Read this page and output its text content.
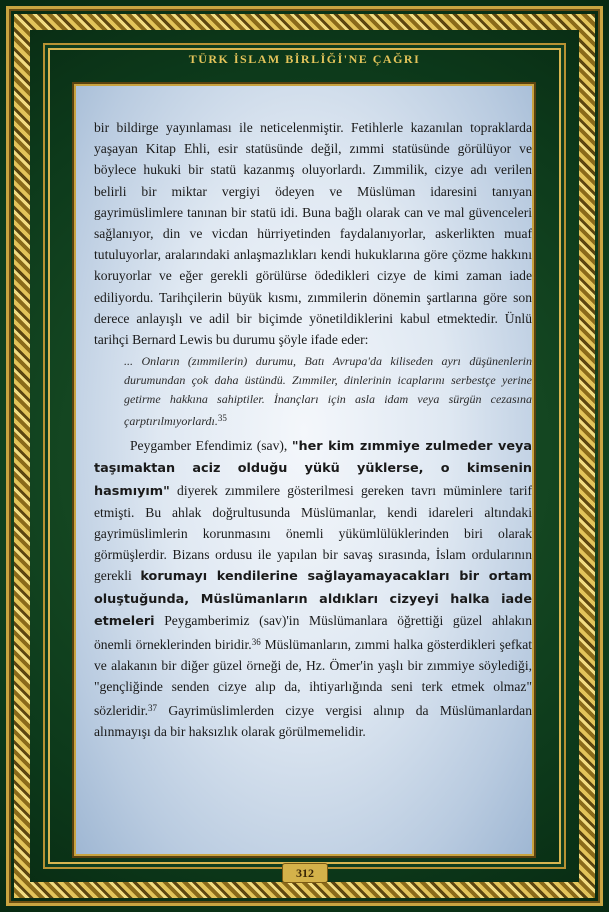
TÜRK İSLAM BİRLİĞİ'NE ÇAĞRI

bir bildirge yayınlaması ile neticelenmiştir. Fetihlerle kazanılan topraklarda yaşayan Kitap Ehli, esir statüsünde değil, zımmi statüsünde görülüyor ve böylece hukuki bir statü kazanmış oluyorlardı. Zımmilik, cizye adı verilen belirli bir miktar vergiyi ödeyen ve Müslüman idaresini tanıyan gayrimüslimlere tanınan bir statü idi. Buna bağlı olarak can ve mal güvenceleri sağlanıyor, din ve vicdan hürriyetinden faydalanıyorlar, askerlikten muaf tutuluyorlar, aralarındaki anlaşmazlıkları kendi hukuklarına göre çözme hakkını koruyorlar ve eğer gerekli görülürse ödedikleri cizye de kimi zaman iade ediliyordu. Tarihçilerin büyük kısmı, zımmilerin dönemin şartlarına göre son derece anlayışlı ve adil bir biçimde yönetildiklerini kabul etmektedir. Ünlü tarihçi Bernard Lewis bu durumu şöyle ifade eder:

... Onların (zımmilerin) durumu, Batı Avrupa'da kiliseden ayrı düşünenlerin durumundan çok daha üstündü. Zımmiler, dinlerinin icaplarını serbestçe yerine getirme hakkına sahiptiler. İnançları için asla idam veya sürgün cezasına çarptırılmıyorlardı.$^{35}$

Peygamber Efendimiz (sav), "her kim zımmiye zulmeder veya taşımaktan aciz olduğu yükü yüklerse, o kimsenin hasmıyım" diyerek zımmilere gösterilmesi gereken tavrı müminlere tarif etmişti. Bu ahlak doğrultusunda Müslümanlar, kendi idareleri altındaki gayrimüslimlerin korunmasını önemli yükümlülüklerinden biri olarak görmüşlerdir. Bizans ordusu ile yapılan bir savaş sırasında, İslam ordularının gerekli korumayı kendilerine sağlayamayacakları bir ortam oluştuğunda, Müslümanların aldıkları cizyeyi halka iade etmeleri Peygamberimiz (sav)'in Müslümanlara öğrettiği güzel ahlakın önemli örneklerinden biridir.$^{36}$ Müslümanların, zımmi halka gösterdikleri şefkat ve alakanın bir diğer güzel örneği de, Hz. Ömer'in yaşlı bir zımmiye söylediği, "gençliğinde senden cizye alıp da, ihtiyarlığında seni terk etmek olmaz" sözleridir.$^{37}$ Gayrimüslimlerden cizye vergisi alınıp da Müslümanlardan alınmayışı da bir haksızlık olarak görülmemelidir.

312
